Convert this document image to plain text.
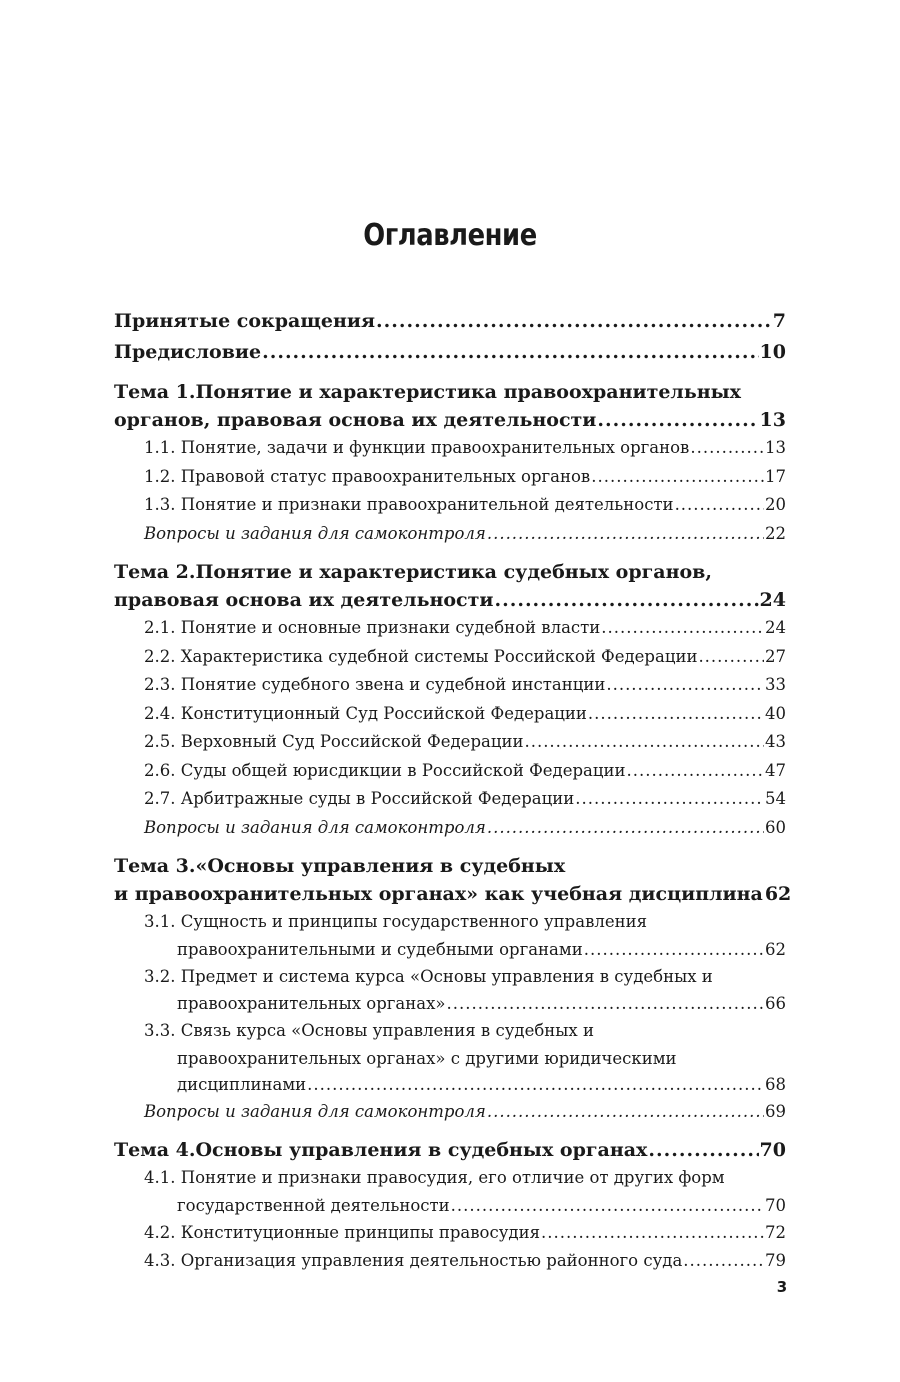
Оглавление
Принятые сокращения .....	7
Предисловие .....	10
Тема 1.Понятие и характеристика правоохранительных
органов, правовая основа их деятельности .....	13
1.1. Понятие, задачи и функции правоохранительных органов .....	13
1.2. Правовой статус правоохранительных органов .....	17
1.3. Понятие и признаки правоохранительной деятельности .....	20
Вопросы и задания для самоконтроля .....	22
Тема 2.Понятие и характеристика судебных органов,
правовая основа их деятельности .....	24
2.1. Понятие и основные признаки судебной власти .....	24
2.2. Характеристика судебной системы Российской Федерации .....	27
2.3. Понятие судебного звена и судебной инстанции .....	33
2.4. Конституционный Суд Российской Федерации .....	40
2.5. Верховный Суд Российской Федерации .....	43
2.6. Суды общей юрисдикции в Российской Федерации .....	47
2.7. Арбитражные суды в Российской Федерации .....	54
Вопросы и задания для самоконтроля .....	60
Тема 3.«Основы управления в судебных
и правоохранительных органах» как учебная дисциплина 62
3.1. Сущность и принципы государственного управления
правоохранительными и судебными органами .....	62
3.2. Предмет и система курса «Основы управления в судебных и
правоохранительных органах» .....	66
3.3. Связь курса «Основы управления в судебных и
правоохранительных органах» с другими юридическими
дисциплинами .....	68
Вопросы и задания для самоконтроля .....	69
Тема 4.Основы управления в судебных органах .....	70
4.1. Понятие и признаки правосудия, его отличие от других форм
государственной деятельности .....	70
4.2. Конституционные принципы правосудия .....	72
4.3. Организация управления деятельностью районного суда .....	79
3
